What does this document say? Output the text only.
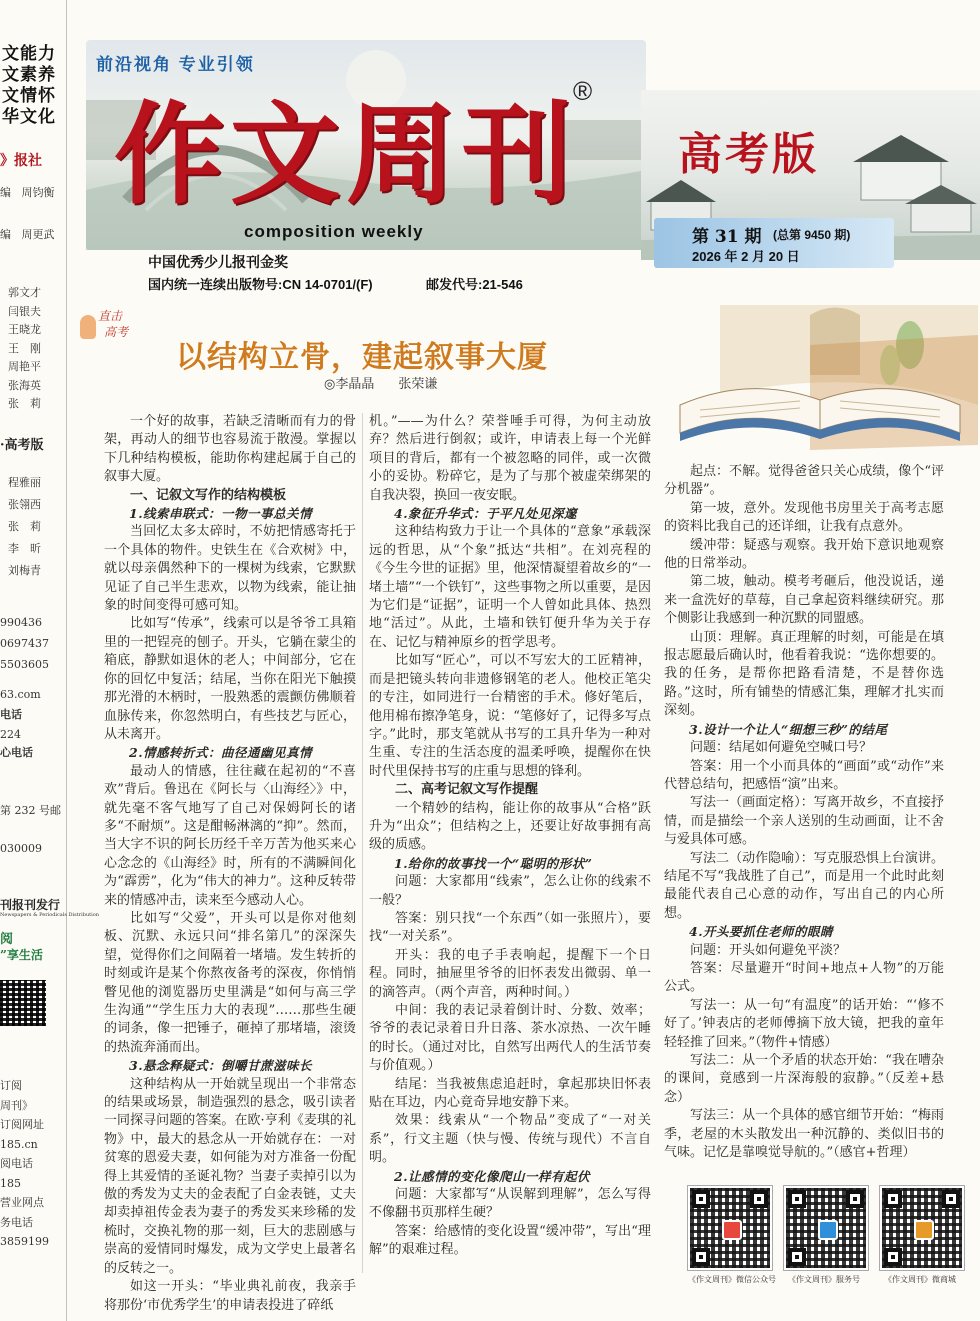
文能力
文素养
文情怀
华文化
》报社
编 周钧衡
编 周更武
郭文才
闫银夫
王晓龙
王　刚
周艳平
张海英
张　莉
·高考版
程雅丽
张翎西
张　莉
李　昕
刘梅青
990436
0697437
5503605
63.com
电话
224
心电话
第 232 号邮
030009
刊报刊发行
Newspapers & Periodicals Distribution
阅
”享生活
订阅
周刊》
订阅网址
185.cn
阅电话
185
营业网点
务电话
3859199
前沿视角 专业引领
作文周刊
®
composition weekly
中国优秀少儿报刊金奖
国内统一连续出版物号:CN 14-0701/(F)	邮发代号:21-546
高考版
第 31 期 (总第 9450 期)
2026 年 2 月 20 日
直击
高考
以结构立骨，建起叙事大厦
◎李晶晶 张荣谦

一个好的故事，若缺乏清晰而有力的骨架，再动人的细节也容易流于散漫。掌握以下几种结构模板，能助你构建起属于自己的叙事大厦。

一、记叙文写作的结构模板
1.线索串联式：一物一事总关情

当回忆太多太碎时，不妨把情感寄托于一个具体的物件。史铁生在《合欢树》中，就以母亲偶然种下的一棵树为线索，它默默见证了自己半生悲欢，以物为线索，能让抽象的时间变得可感可知。

比如写“传承”，线索可以是爷爷工具箱里的一把锃亮的刨子。开头，它躺在蒙尘的箱底，静默如退休的老人；中间部分，它在你的回忆中复活；结尾，当你在阳光下触摸那光滑的木柄时，一股熟悉的震颤仿佛顺着血脉传来，你忽然明白，有些技艺与匠心，从未离开。

2.情感转折式：曲径通幽见真情

最动人的情感，往往藏在起初的“不喜欢”背后。鲁迅在《阿长与〈山海经〉》中，就先毫不客气地写了自己对保姆阿长的诸多“不耐烦”。这是酣畅淋漓的“抑”。然而，当大字不识的阿长历经千辛万苦为他买来心心念念的《山海经》时，所有的不满瞬间化为“霹雳”，化为“伟大的神力”。这种反转带来的情感冲击，读来至今感动人心。

比如写“父爱”，开头可以是你对他刻板、沉默、永远只问“排名第几”的深深失望，觉得你们之间隔着一堵墙。发生转折的时刻或许是某个你熬夜备考的深夜，你悄悄瞥见他的浏览器历史里满是“如何与高三学生沟通”“学生压力大的表现”……那些生硬的词条，像一把锤子，砸掉了那堵墙，滚烫的热流奔涌而出。

3.悬念释疑式：倒嚼甘蔗滋味长

这种结构从一开始就呈现出一个非常态的结果或场景，制造强烈的悬念，吸引读者一同探寻问题的答案。在欧·亨利《麦琪的礼物》中，最大的悬念从一开始就存在：一对贫寒的恩爱夫妻，如何能为对方准备一份配得上其爱情的圣诞礼物？当妻子卖掉引以为傲的秀发为丈夫的金表配了白金表链，丈夫却卖掉祖传金表为妻子的秀发买来珍稀的发梳时，交换礼物的那一刻，巨大的悲剧感与崇高的爱情同时爆发，成为文学史上最著名的反转之一。

如这一开头：“毕业典礼前夜，我亲手将那份‘市优秀学生’的申请表投进了碎纸

机。”——为什么？荣誉唾手可得，为何主动放弃？然后进行倒叙；或许，申请表上每一个光鲜项目的背后，都有一个被忽略的同伴，或一次微小的妥协。粉碎它，是为了与那个被虚荣绑架的自我决裂，换回一夜安眠。

4.象征升华式：于平凡处见深邃

这种结构致力于让一个具体的“意象”承载深远的哲思，从“个象”抵达“共相”。在刘亮程的《今生今世的证据》里，他深情凝望着故乡的“一堵土墙”“一个铁钉”，这些事物之所以重要，是因为它们是“证据”，证明一个人曾如此具体、热烈地“活过”。从此，土墙和铁钉便升华为关于存在、记忆与精神原乡的哲学思考。

比如写“匠心”，可以不写宏大的工匠精神，而是把镜头转向非遗修钢笔的老人。他校正笔尖的专注，如同进行一台精密的手术。修好笔后，他用棉布擦净笔身，说：“笔修好了，记得多写点字。”此时，那支笔就从书写的工具升华为一种对生重、专注的生活态度的温柔呼唤，提醒你在快时代里保持书写的庄重与思想的锋利。

二、高考记叙文写作提醒

一个精妙的结构，能让你的故事从“合格”跃升为“出众”；但结构之上，还要让好故事拥有高级的质感。

1.给你的故事找一个“聪明的形状”

问题：大家都用“线索”，怎么让你的线索不一般？

答案：别只找“一个东西”（如一张照片），要找“一对关系”。

开头：我的电子手表响起，提醒下一个日程。同时，抽屉里爷爷的旧怀表发出微弱、单一的滴答声。（两个声音，两种时间。）

中间：我的表记录着倒计时、分数、效率；爷爷的表记录着日升日落、茶水凉热、一次午睡的时长。（通过对比，自然写出两代人的生活节奏与价值观。）

结尾：当我被焦虑追赶时，拿起那块旧怀表贴在耳边，内心竟奇异地安静下来。

效果：线索从“一个物品”变成了“一对关系”，行文主题（快与慢、传统与现代）不言自明。

2.让感情的变化像爬山一样有起伏

问题：大家都写“从误解到理解”，怎么写得不像翻书页那样生硬？

答案：给感情的变化设置“缓冲带”，写出“理解”的艰难过程。

起点：不解。觉得爸爸只关心成绩，像个“评分机器”。

第一坡，意外。发现他书房里关于高考志愿的资料比我自己的还详细，让我有点意外。

缓冲带：疑惑与观察。我开始下意识地观察他的日常举动。

第二坡，触动。模考考砸后，他没说话，递来一盒洗好的草莓，自己拿起资料继续研究。那个侧影让我感到一种沉默的同盟感。

山顶：理解。真正理解的时刻，可能是在填报志愿最后确认时，他看着我说：“选你想要的。我的任务，是帮你把路看清楚，不是替你选路。”这时，所有铺垫的情感汇集，理解才扎实而深刻。

3.设计一个让人“细想三秒”的结尾

问题：结尾如何避免空喊口号？

答案：用一个小而具体的“画面”或“动作”来代替总结句，把感悟“演”出来。

写法一（画面定格）：写离开故乡，不直接抒情，而是描绘一个亲人送别的生动画面，让不舍与爱具体可感。

写法二（动作隐喻）：写克服恐惧上台演讲。结尾不写“我战胜了自己”，而是用一个此时此刻最能代表自己心意的动作，写出自己的内心所想。

4.开头要抓住老师的眼睛

问题：开头如何避免平淡？

答案：尽量避开“时间+地点+人物”的万能公式。

写法一：从一句“有温度”的话开始：“‘修不好了。’钟表店的老师傅摘下放大镜，把我的童年轻轻推了回来。”（物件+情感）

写法二：从一个矛盾的状态开始：“我在嘈杂的课间，竟感到一片深海般的寂静。”（反差+悬念）

写法三：从一个具体的感官细节开始：“梅雨季，老屋的木头散发出一种沉静的、类似旧书的气味。记忆是靠嗅觉导航的。”（感官+哲理）

《作文周刊》微信公众号	《作文周刊》服务号	《作文周刊》微商城
